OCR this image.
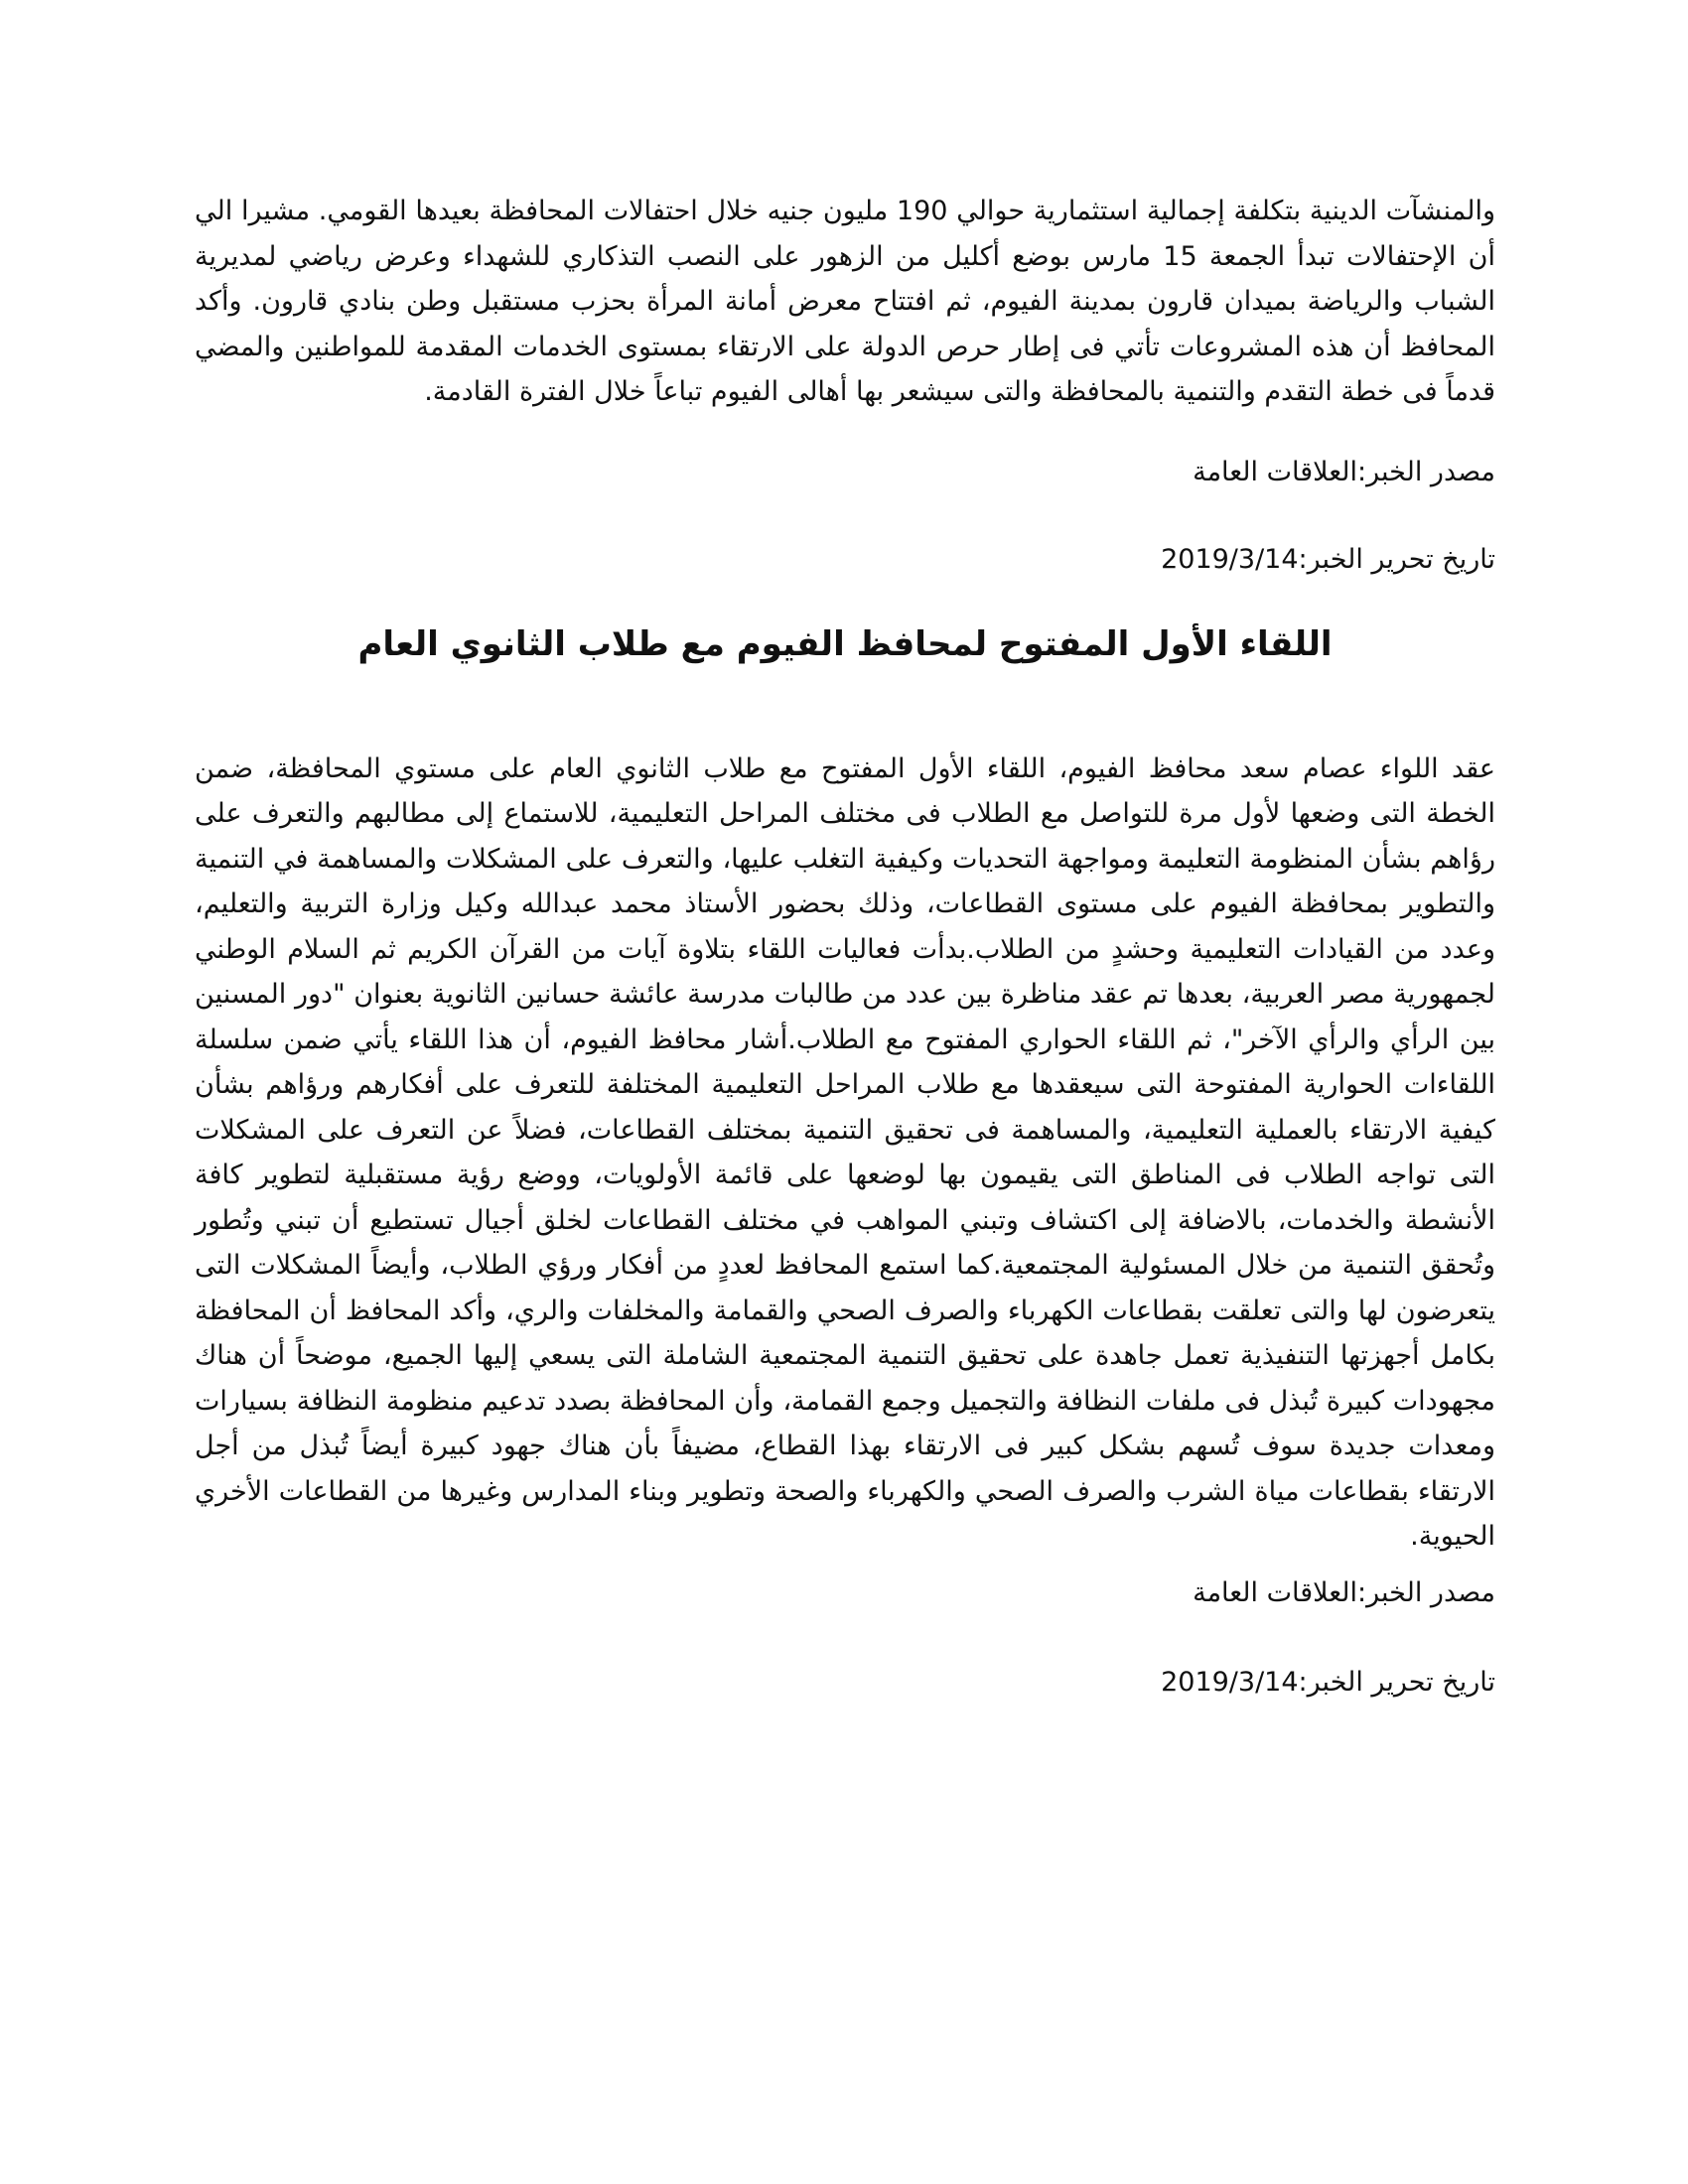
والمنشآت الدينية بتكلفة إجمالية استثمارية حوالي 190 مليون جنيه خلال احتفالات المحافظة بعيدها القومي. مشيرا الي أن الإحتفالات تبدأ الجمعة 15 مارس بوضع أكليل من الزهور على النصب التذكاري للشهداء وعرض رياضي لمديرية الشباب والرياضة بميدان قارون بمدينة الفيوم، ثم افتتاح معرض أمانة المرأة بحزب مستقبل وطن بنادي قارون. وأكد المحافظ أن هذه المشروعات تأتي فى إطار حرص الدولة على الارتقاء بمستوى الخدمات المقدمة للمواطنين والمضي قدماً فى خطة التقدم والتنمية بالمحافظة والتى سيشعر بها أهالى الفيوم تباعاً خلال الفترة القادمة.

مصدر الخبر:العلاقات العامة

تاريخ تحرير الخبر:2019/3/14

اللقاء الأول المفتوح لمحافظ الفيوم مع طلاب الثانوي العام

عقد اللواء عصام سعد محافظ الفيوم، اللقاء الأول المفتوح مع طلاب الثانوي العام على مستوي المحافظة، ضمن الخطة التى وضعها لأول مرة للتواصل مع الطلاب فى مختلف المراحل التعليمية، للاستماع إلى مطالبهم والتعرف على رؤاهم بشأن المنظومة التعليمة ومواجهة التحديات وكيفية التغلب عليها، والتعرف على المشكلات والمساهمة في التنمية والتطوير بمحافظة الفيوم على مستوى القطاعات، وذلك بحضور الأستاذ محمد عبدالله وكيل وزارة التربية والتعليم، وعدد من القيادات التعليمية وحشدٍ من الطلاب.بدأت فعاليات اللقاء بتلاوة آيات من القرآن الكريم ثم السلام الوطني لجمهورية مصر العربية، بعدها تم عقد مناظرة بين عدد من طالبات مدرسة عائشة حسانين الثانوية بعنوان "دور المسنين بين الرأي والرأي الآخر"، ثم اللقاء الحواري المفتوح مع الطلاب.أشار محافظ الفيوم، أن هذا اللقاء يأتي ضمن سلسلة اللقاءات الحوارية المفتوحة التى سيعقدها مع طلاب المراحل التعليمية المختلفة للتعرف على أفكارهم ورؤاهم بشأن كيفية الارتقاء بالعملية التعليمية، والمساهمة فى تحقيق التنمية بمختلف القطاعات، فضلاً عن التعرف على المشكلات التى تواجه الطلاب فى المناطق التى يقيمون بها لوضعها على قائمة الأولويات، ووضع رؤية مستقبلية لتطوير كافة الأنشطة والخدمات، بالاضافة إلى اكتشاف وتبني المواهب في مختلف القطاعات لخلق أجيال تستطيع أن تبني وتُطور وتُحقق التنمية من خلال المسئولية المجتمعية.كما استمع المحافظ لعددٍ من أفكار ورؤي الطلاب، وأيضاً المشكلات التى يتعرضون لها والتى تعلقت بقطاعات الكهرباء والصرف الصحي والقمامة والمخلفات والري، وأكد المحافظ أن المحافظة بكامل أجهزتها التنفيذية تعمل جاهدة على تحقيق التنمية المجتمعية الشاملة التى يسعي إليها الجميع، موضحاً أن هناك مجهودات كبيرة تُبذل فى ملفات النظافة والتجميل وجمع القمامة، وأن المحافظة بصدد تدعيم منظومة النظافة بسيارات ومعدات جديدة سوف تُسهم بشكل كبير فى الارتقاء بهذا القطاع، مضيفاً بأن هناك جهود كبيرة أيضاً تُبذل من أجل الارتقاء بقطاعات مياة الشرب والصرف الصحي والكهرباء والصحة وتطوير وبناء المدارس وغيرها من القطاعات الأخري الحيوية.

مصدر الخبر:العلاقات العامة

تاريخ تحرير الخبر:2019/3/14
